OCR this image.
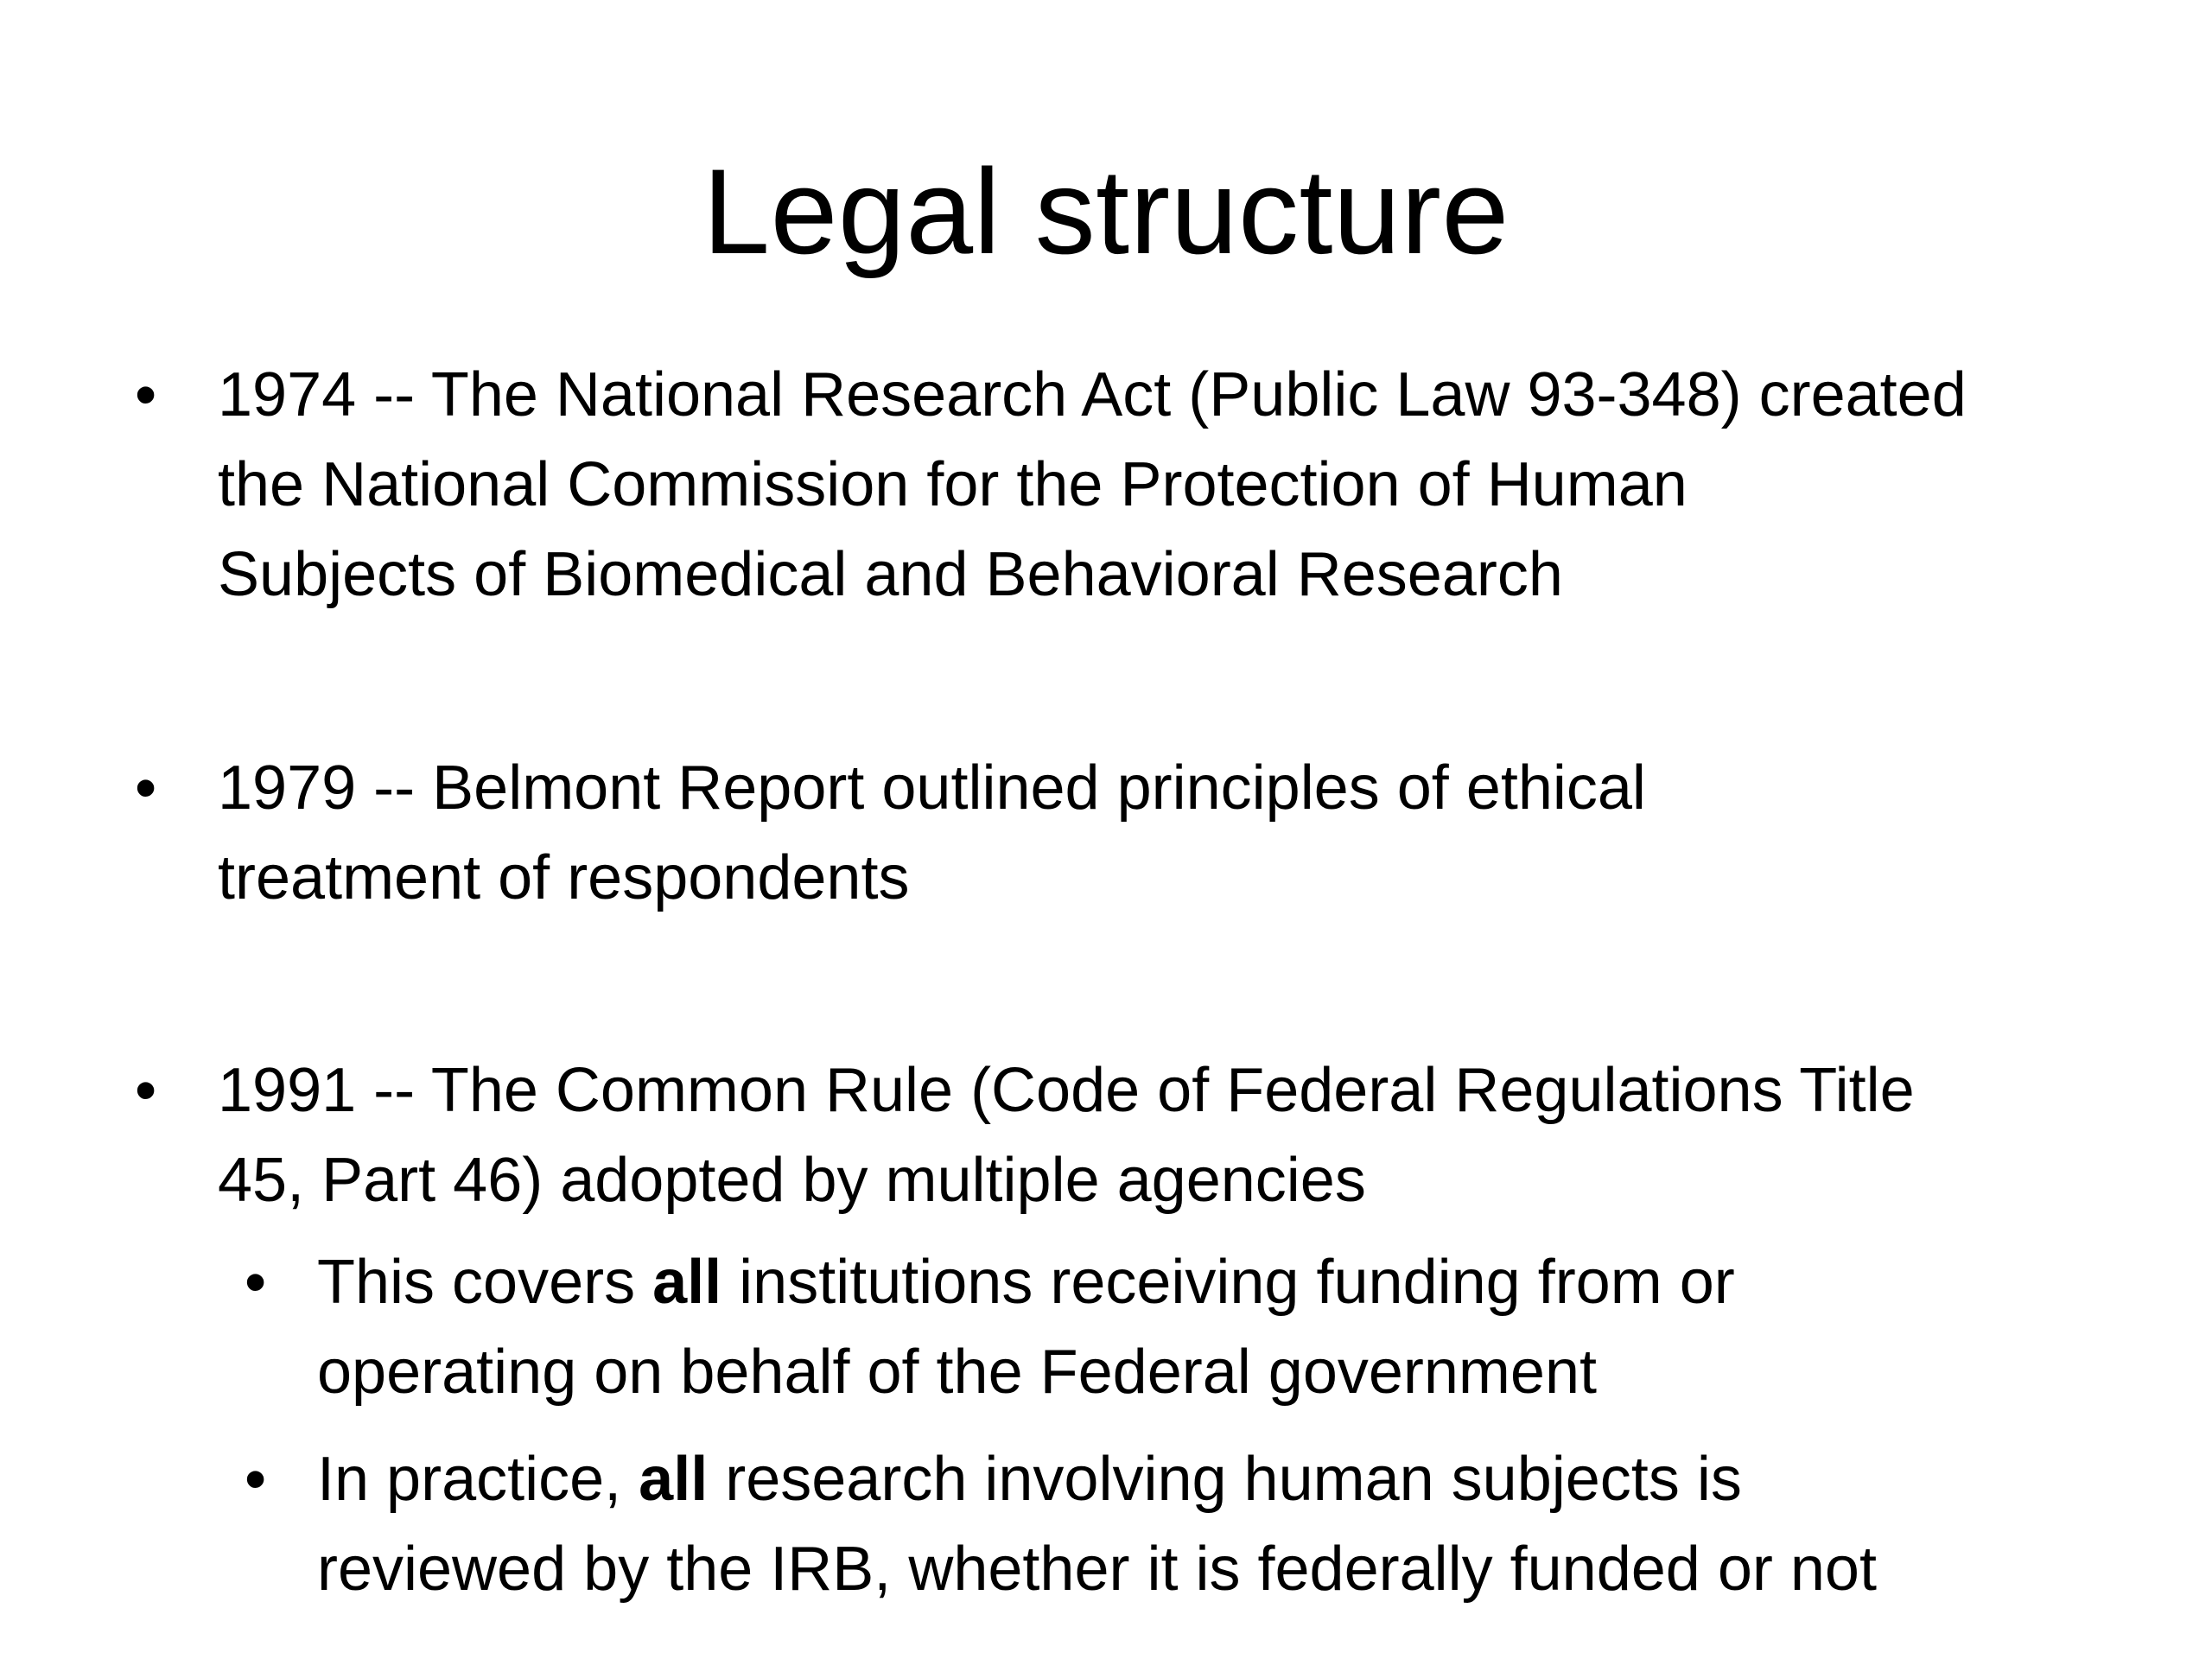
Legal structure
• 1974 -- The National Research Act (Public Law 93-348) created
the National Commission for the Protection of Human
Subjects of Biomedical and Behavioral Research
• 1979 -- Belmont Report outlined principles of ethical
treatment of respondents
• 1991 -- The Common Rule (Code of Federal Regulations Title
45, Part 46) adopted by multiple agencies
• This covers all institutions receiving funding from or
operating on behalf of the Federal government
• In practice, all research involving human subjects is
reviewed by the IRB, whether it is federally funded or not
